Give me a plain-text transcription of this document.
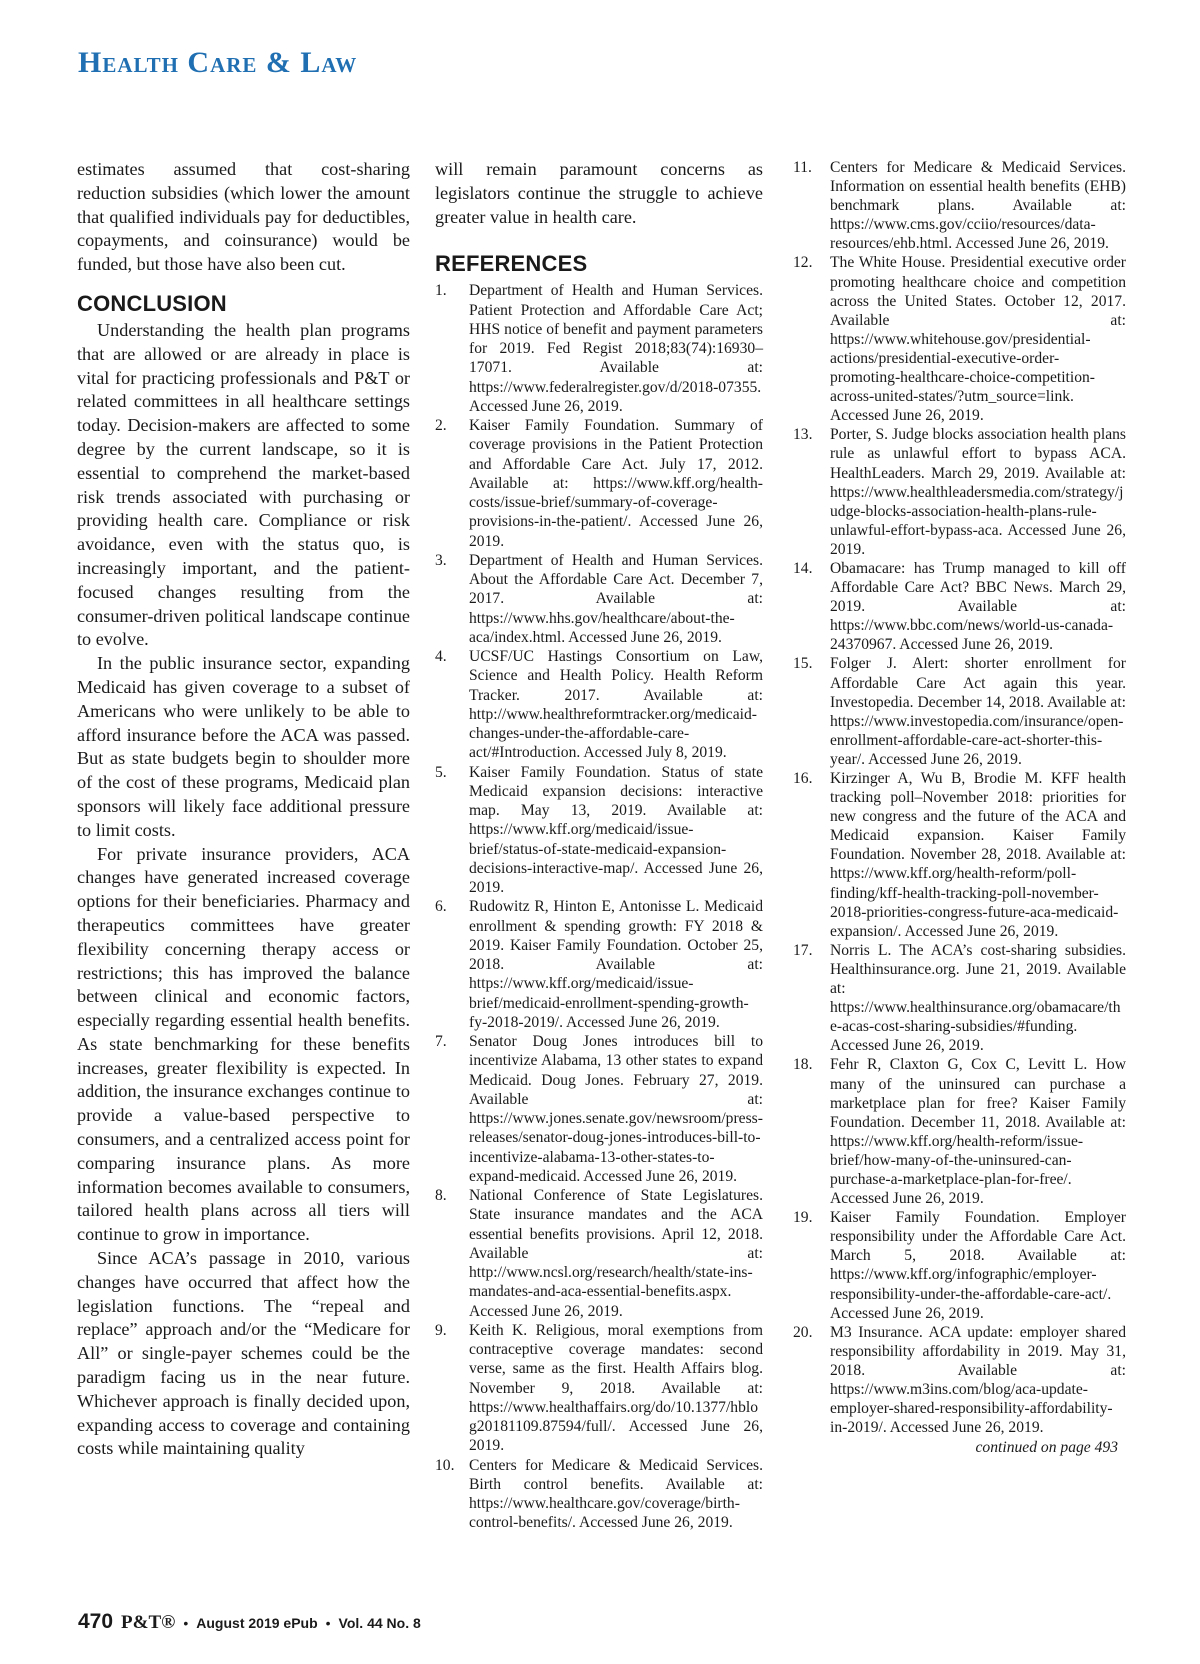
Health Care & Law

estimates assumed that cost-sharing reduction subsidies (which lower the amount that qualified individuals pay for deductibles, copayments, and coinsurance) would be funded, but those have also been cut.

CONCLUSION

Understanding the health plan programs that are allowed or are already in place is vital for practicing professionals and P&T or related committees in all healthcare settings today. Decision-makers are affected to some degree by the current landscape, so it is essential to comprehend the market-based risk trends associated with purchasing or providing health care. Compliance or risk avoidance, even with the status quo, is increasingly important, and the patient-focused changes resulting from the consumer-driven political landscape continue to evolve.

In the public insurance sector, expanding Medicaid has given coverage to a subset of Americans who were unlikely to be able to afford insurance before the ACA was passed. But as state budgets begin to shoulder more of the cost of these programs, Medicaid plan sponsors will likely face additional pressure to limit costs.

For private insurance providers, ACA changes have generated increased coverage options for their beneficiaries. Pharmacy and therapeutics committees have greater flexibility concerning therapy access or restrictions; this has improved the balance between clinical and economic factors, especially regarding essential health benefits. As state benchmarking for these benefits increases, greater flexibility is expected. In addition, the insurance exchanges continue to provide a value-based perspective to consumers, and a centralized access point for comparing insurance plans. As more information becomes available to consumers, tailored health plans across all tiers will continue to grow in importance.

Since ACA’s passage in 2010, various changes have occurred that affect how the legislation functions. The “repeal and replace” approach and/or the “Medicare for All” or single-payer schemes could be the paradigm facing us in the near future. Whichever approach is finally decided upon, expanding access to coverage and containing costs while maintaining quality

will remain paramount concerns as legislators continue the struggle to achieve greater value in health care.

REFERENCES
1.	Department of Health and Human Services. Patient Protection and Affordable Care Act; HHS notice of benefit and payment parameters for 2019. Fed Regist 2018;83(74):16930–17071. Available at: https://www.federalregister.gov/d/2018-07355. Accessed June 26, 2019.
2.	Kaiser Family Foundation. Summary of coverage provisions in the Patient Protection and Affordable Care Act. July 17, 2012. Available at: https://www.kff.org/health-costs/issue-brief/summary-of-coverage-provisions-in-the-patient/. Accessed June 26, 2019.
3.	Department of Health and Human Services. About the Affordable Care Act. December 7, 2017. Available at: https://www.hhs.gov/healthcare/about-the-aca/index.html. Accessed June 26, 2019.
4.	UCSF/UC Hastings Consortium on Law, Science and Health Policy. Health Reform Tracker. 2017. Available at: http://www.healthreformtracker.org/medicaid-changes-under-the-affordable-care-act/#Introduction. Accessed July 8, 2019.
5.	Kaiser Family Foundation. Status of state Medicaid expansion decisions: interactive map. May 13, 2019. Available at: https://www.kff.org/medicaid/issue-brief/status-of-state-medicaid-expansion-decisions-interactive-map/. Accessed June 26, 2019.
6.	Rudowitz R, Hinton E, Antonisse L. Medicaid enrollment & spending growth: FY 2018 & 2019. Kaiser Family Foundation. October 25, 2018. Available at: https://www.kff.org/medicaid/issue-brief/medicaid-enrollment-spending-growth-fy-2018-2019/. Accessed June 26, 2019.
7.	Senator Doug Jones introduces bill to incentivize Alabama, 13 other states to expand Medicaid. Doug Jones. February 27, 2019. Available at: https://www.jones.senate.gov/newsroom/press-releases/senator-doug-jones-introduces-bill-to-incentivize-alabama-13-other-states-to-expand-medicaid. Accessed June 26, 2019.
8.	National Conference of State Legislatures. State insurance mandates and the ACA essential benefits provisions. April 12, 2018. Available at: http://www.ncsl.org/research/health/state-ins-mandates-and-aca-essential-benefits.aspx. Accessed June 26, 2019.
9.	Keith K. Religious, moral exemptions from contraceptive coverage mandates: second verse, same as the first. Health Affairs blog. November 9, 2018. Available at: https://www.healthaffairs.org/do/10.1377/hblog20181109.87594/full/. Accessed June 26, 2019.
10. Centers for Medicare & Medicaid Services. Birth control benefits. Available at: https://www.healthcare.gov/coverage/birth-control-benefits/. Accessed June 26, 2019.
11.	Centers for Medicare & Medicaid Services. Information on essential health benefits (EHB) benchmark plans. Available at: https://www.cms.gov/cciio/resources/data-resources/ehb.html. Accessed June 26, 2019.
12.	The White House. Presidential executive order promoting healthcare choice and competition across the United States. October 12, 2017. Available at: https://www.whitehouse.gov/presidential-actions/presidential-executive-order-promoting-healthcare-choice-competition-across-united-states/?utm_source=link. Accessed June 26, 2019.
13.	Porter, S. Judge blocks association health plans rule as unlawful effort to bypass ACA. HealthLeaders. March 29, 2019. Available at: https://www.healthleadersmedia.com/strategy/judge-blocks-association-health-plans-rule-unlawful-effort-bypass-aca. Accessed June 26, 2019.
14.	Obamacare: has Trump managed to kill off Affordable Care Act? BBC News. March 29, 2019. Available at: https://www.bbc.com/news/world-us-canada-24370967. Accessed June 26, 2019.
15.	Folger J. Alert: shorter enrollment for Affordable Care Act again this year. Investopedia. December 14, 2018. Available at: https://www.investopedia.com/insurance/open-enrollment-affordable-care-act-shorter-this-year/. Accessed June 26, 2019.
16.	Kirzinger A, Wu B, Brodie M. KFF health tracking poll–November 2018: priorities for new congress and the future of the ACA and Medicaid expansion. Kaiser Family Foundation. November 28, 2018. Available at: https://www.kff.org/health-reform/poll-finding/kff-health-tracking-poll-november-2018-priorities-congress-future-aca-medicaid-expansion/. Accessed June 26, 2019.
17.	Norris L. The ACA’s cost-sharing subsidies. Healthinsurance.org. June 21, 2019. Available at: https://www.healthinsurance.org/obamacare/the-acas-cost-sharing-subsidies/#funding. Accessed June 26, 2019.
18.	Fehr R, Claxton G, Cox C, Levitt L. How many of the uninsured can purchase a marketplace plan for free? Kaiser Family Foundation. December 11, 2018. Available at: https://www.kff.org/health-reform/issue-brief/how-many-of-the-uninsured-can-purchase-a-marketplace-plan-for-free/. Accessed June 26, 2019.
19.	Kaiser Family Foundation. Employer responsibility under the Affordable Care Act. March 5, 2018. Available at: https://www.kff.org/infographic/employer-responsibility-under-the-affordable-care-act/. Accessed June 26, 2019.
20.	M3 Insurance. ACA update: employer shared responsibility affordability in 2019. May 31, 2018. Available at: https://www.m3ins.com/blog/aca-update-employer-shared-responsibility-affordability-in-2019/. Accessed June 26, 2019.
continued on page 493
470 P&T® • August 2019 ePub • Vol. 44 No. 8
